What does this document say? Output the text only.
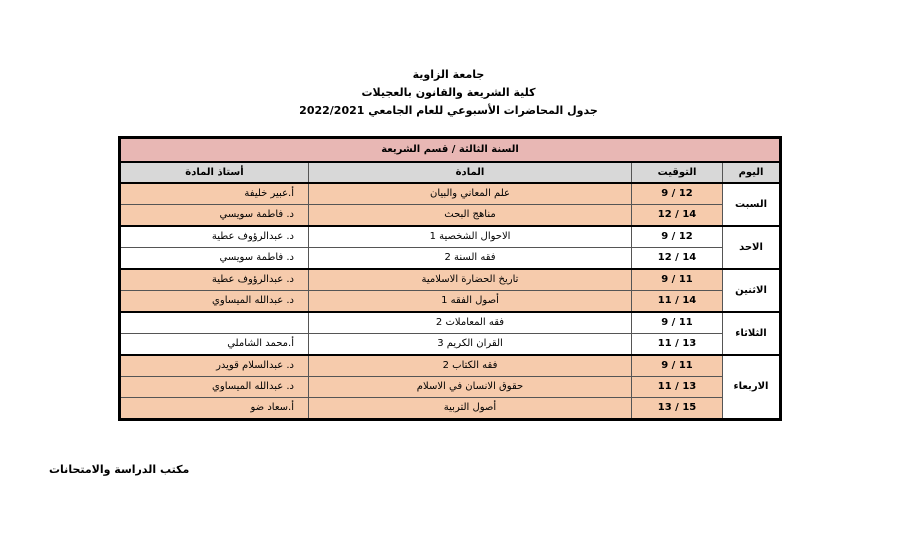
جامعة الزاوية
كلية الشريعة والقانون بالعجيلات
جدول المحاضرات الأسبوعي للعام الجامعي 2022/2021
السنة الثالثة / قسم الشريعة			
اليوم	التوقيت	المادة	أستاذ المادة
السبت	12 / 9	علم المعاني والبيان	أ.عبير خليفة
	14 / 12	مناهج البحث	د. فاطمة سويسي
الاحد	12 / 9	الاحوال الشخصية 1	د. عبدالرؤوف عطية
	14 / 12	فقه السنة 2	د. فاطمة سويسي
الاثنين	11 / 9	تاريخ الحضارة الاسلامية	د. عبدالرؤوف عطية
	14 / 11	أصول الفقه 1	د. عبدالله الميساوي
الثلاثاء	11 / 9	فقه المعاملات 2	
	13 / 11	القران الكريم 3	أ.محمد الشاملي
الاربعاء	11 / 9	فقه الكتاب 2	د. عبدالسلام قويدر
	13 / 11	حقوق الانسان في الاسلام	د. عبدالله الميساوي
	15 / 13	أصول التربية	أ.سعاد ضو
مكتب الدراسة والامتحانات
